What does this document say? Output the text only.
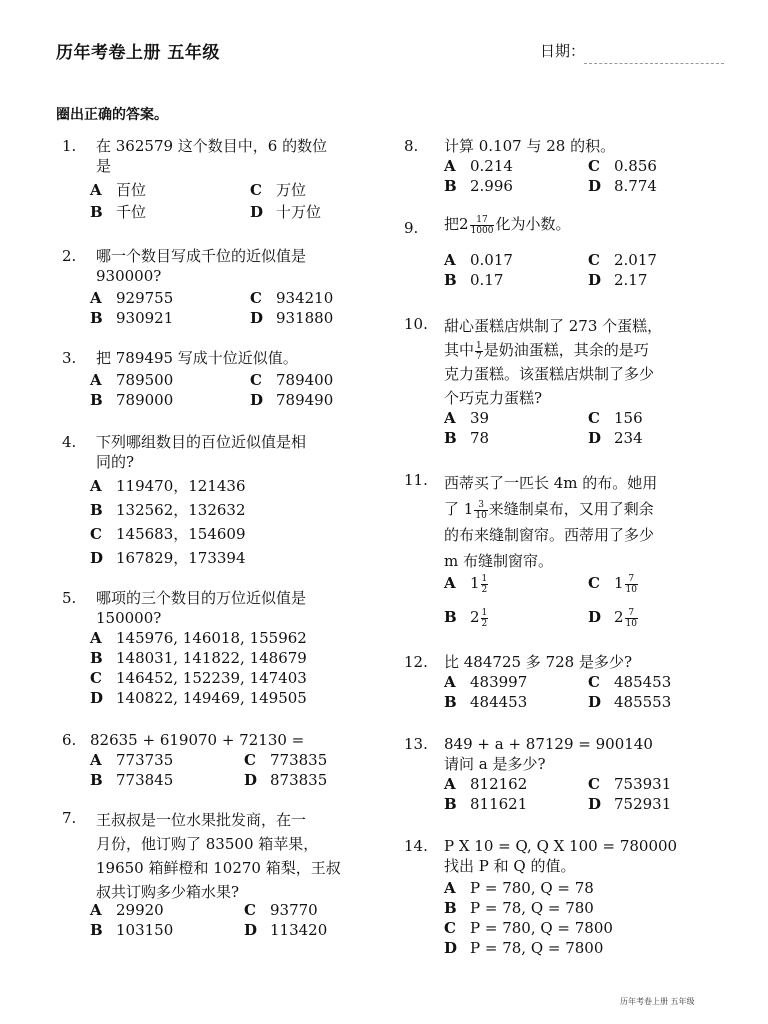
历年考卷上册 五年级	日期：
圈出正确的答案。
1. 在 362579 这个数目中，6 的数位
是
A 百位	C 万位
B 千位	D 十万位
2. 哪一个数目写成千位的近似值是
930000?
A 929755	C 934210
B 930921	D 931880
3. 把 789495 写成十位近似值。
A 789500	C 789400
B 789000	D 789490
4. 下列哪组数目的百位近似值是相
同的?
A 119470，121436
B 132562，132632
C 145683，154609
D 167829，173394
5. 哪项的三个数目的万位近似值是
150000?
A 145976, 146018, 155962
B 148031, 141822, 148679
C 146452, 152239, 147403
D 140822, 149469, 149505
6. 82635 + 619070 + 72130 =
A 773735	C 773835
B 773845	D 873835
7. 王叔叔是一位水果批发商，在一
月份，他订购了 83500 箱苹果，
19650 箱鲜橙和 10270 箱梨，王叔
叔共订购多少箱水果?
A 29920	C 93770
B 103150	D 113420
8. 计算 0.107 与 28 的积。
A 0.214	C 0.856
B 2.996	D 8.774
9. 把$2 \frac{17}{1000}$ 化为小数。
A 0.017	C 2.017
B 0.17	D 2.17
10. 甜心蛋糕店烘制了 273 个蛋糕，
其中 $\frac{1}{7}$ 是奶油蛋糕，其余的是巧
克力蛋糕。该蛋糕店烘制了多少
个巧克力蛋糕?
A 39	C 156
B 78	D 234
11. 西蒂买了一匹长 4m 的布。她用
了 $1 \frac{3}{10}$ 来缝制桌布，又用了剩余
的布来缝制窗帘。西蒂用了多少
m 布缝制窗帘。
A $1 \frac{1}{2}$	C $1 \frac{7}{10}$
B $2 \frac{1}{2}$	D $2 \frac{7}{10}$
12. 比 484725 多 728 是多少?
A 483997	C 485453
B 484453	D 485553
13. 849 + a + 87129 = 900140
请问 a 是多少?
A 812162	C 753931
B 811621	D 752931
14. P X 10 = Q, Q X 100 = 780000
找出 P 和 Q 的值。
A P = 780, Q = 78
B P = 78, Q = 780
C P = 780, Q = 7800
D P = 78, Q = 7800
历年考卷上册 五年级
